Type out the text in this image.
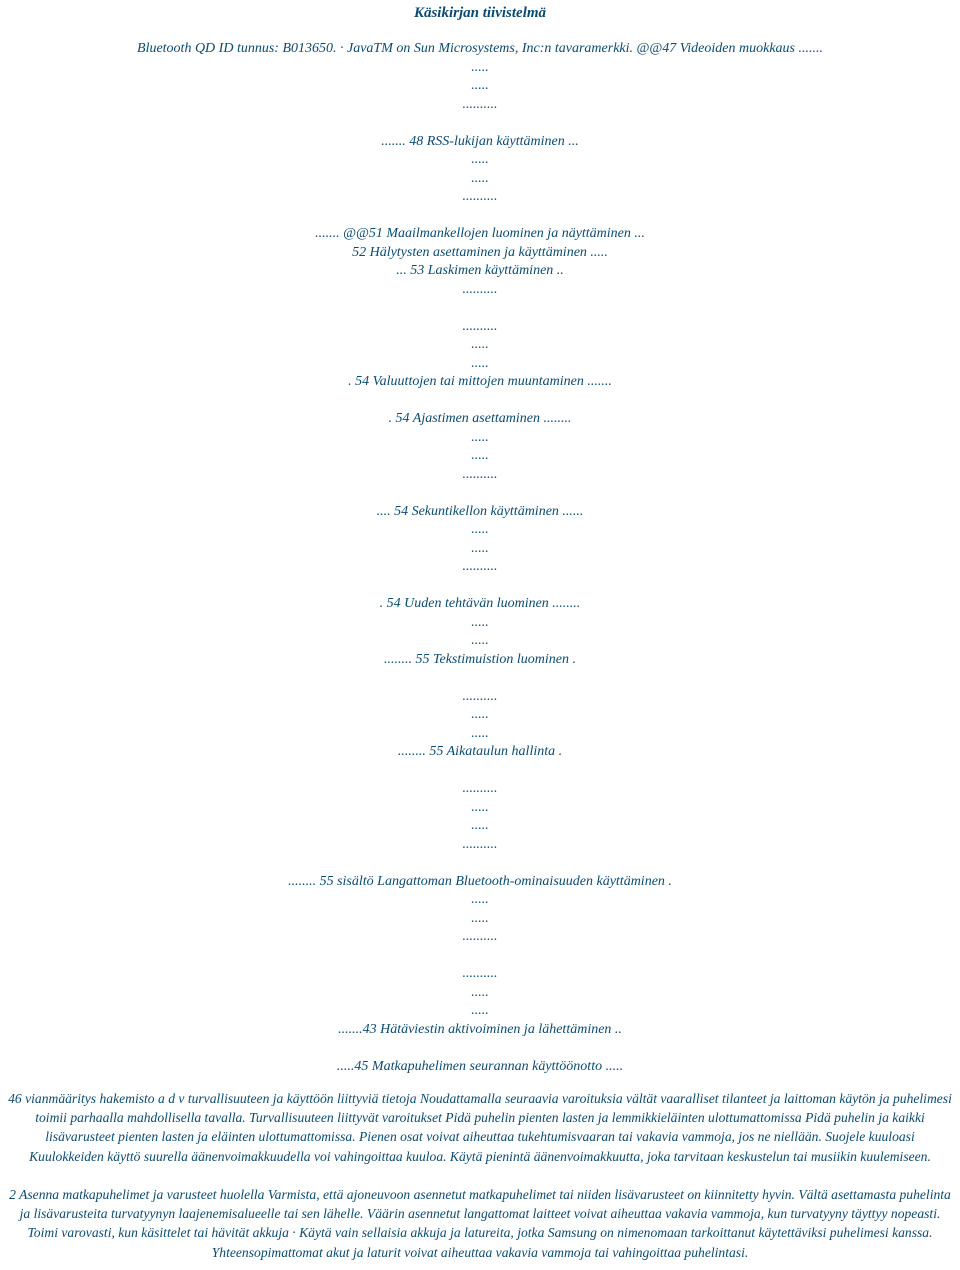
Käsikirjan tiivistelmä
Bluetooth QD ID tunnus: B013650. · JavaTM on Sun Microsystems, Inc:n tavaramerkki. @@47 Videoiden muokkaus .......
.....
.....
..........
....... 48 RSS-lukijan käyttäminen ...
.....
.....
..........
....... @@51 Maailmankellojen luominen ja näyttäminen ...
52 Hälytysten asettaminen ja käyttäminen .....
... 53 Laskimen käyttäminen ..
..........
..........
.....
.....
. 54 Valuuttojen tai mittojen muuntaminen .......
. 54 Ajastimen asettaminen ........
.....
.....
..........
.... 54 Sekuntikellon käyttäminen ......
.....
.....
..........
. 54 Uuden tehtävän luominen ........
.....
.....
........ 55 Tekstimuistion luominen .
..........
.....
.....
........ 55 Aikataulun hallinta .
..........
.....
.....
..........
........ 55 sisältö Langattoman Bluetooth-ominaisuuden käyttäminen .
.....
.....
..........
..........
.....
.....
.......43 Hätäviestin aktivoiminen ja lähettäminen ..
.....45 Matkapuhelimen seurannan käyttöönotto .....
46 vianmääritys hakemisto a d v turvallisuuteen ja käyttöön liittyviä tietoja Noudattamalla seuraavia varoituksia vältät vaaralliset tilanteet ja laittoman käytön ja puhelimesi toimii parhaalla mahdollisella tavalla. Turvallisuuteen liittyvät varoitukset Pidä puhelin pienten lasten ja lemmikkieläinten ulottumattomissa Pidä puhelin ja kaikki lisävarusteet pienten lasten ja eläinten ulottumattomissa. Pienen osat voivat aiheuttaa tukehtumisvaaran tai vakavia vammoja, jos ne niellään. Suojele kuuloasi Kuulokkeiden käyttö suurella äänenvoimakkuudella voi vahingoittaa kuuloa. Käytä pienintä äänenvoimakkuutta, joka tarvitaan keskustelun tai musiikin kuulemiseen.
2 Asenna matkapuhelimet ja varusteet huolella Varmista, että ajoneuvoon asennetut matkapuhelimet tai niiden lisävarusteet on kiinnitetty hyvin. Vältä asettamasta puhelinta ja lisävarusteita turvatyynyn laajenemisalueelle tai sen lähelle. Väärin asennetut langattomat laitteet voivat aiheuttaa vakavia vammoja, kun turvatyyny täyttyy nopeasti. Toimi varovasti, kun käsittelet tai hävität akkuja · Käytä vain sellaisia akkuja ja latureita, jotka Samsung on nimenomaan tarkoittanut käytettäviksi puhelimesi kanssa. Yhteensopimattomat akut ja laturit voivat aiheuttaa vakavia vammoja tai vahingoittaa puhelintasi.
